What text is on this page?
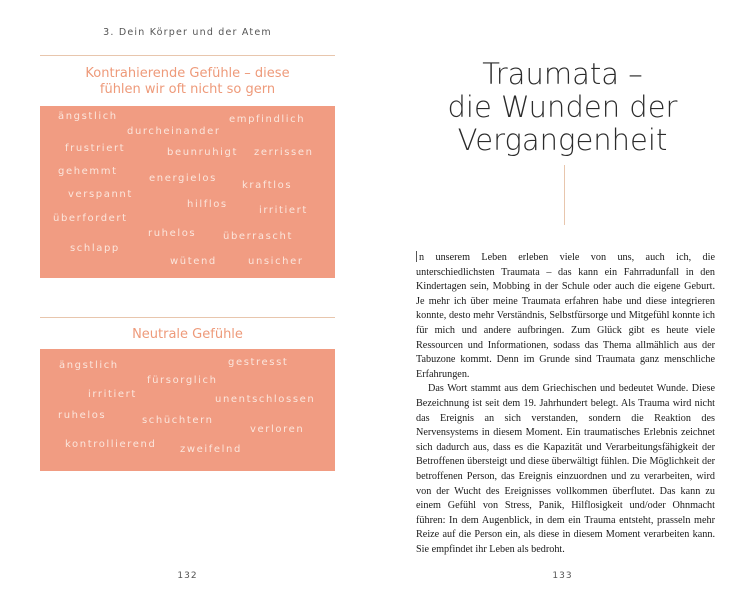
3. Dein Körper und der Atem
Kontrahierende Gefühle – diese
fühlen wir oft nicht so gern
ängstlich
durcheinander
empfindlich
frustriert	beunruhigt zerrissen
gehemmt
energielos
kraftlos
verspannt
hilflos
irritiert
überfordert
ruhelos	überrascht
schlapp
wütend	unsicher
Neutrale Gefühle
ängstlich	gestresst
fürsorglich
irritiert	unentschlossen
ruhelos	schüchtern
verloren
kontrollierend zweifelnd
132
Traumata –
die Wunden der
Vergangenheit

n unserem Leben erleben viele von uns, auch ich, die unterschiedlichsten Traumata – das kann ein Fahrradunfall in den Kindertagen sein, Mobbing in der Schule oder auch die eigene Geburt. Je mehr ich über meine Traumata erfahren habe und diese integrieren konnte, desto mehr Verständnis, Selbstfürsorge und Mitgefühl konnte ich für mich und andere aufbringen. Zum Glück gibt es heute viele Ressourcen und Informationen, sodass das Thema allmählich aus der Tabuzone kommt. Denn im Grunde sind Traumata ganz menschliche Erfahrungen.

Das Wort stammt aus dem Griechischen und bedeutet Wunde. Diese Bezeichnung ist seit dem 19. Jahrhundert belegt. Als Trauma wird nicht das Ereignis an sich verstanden, sondern die Reaktion des Nervensystems in diesem Moment. Ein traumatisches Erlebnis zeichnet sich dadurch aus, dass es die Kapazität und Verarbeitungsfähigkeit der Betroffenen übersteigt und diese überwältigt fühlen. Die Möglichkeit der betroffenen Person, das Ereignis einzuordnen und zu verarbeiten, wird von der Wucht des Ereignisses vollkommen überflutet. Das kann zu einem Gefühl von Stress, Panik, Hilflosigkeit und/oder Ohnmacht führen: In dem Augenblick, in dem ein Trauma entsteht, prasseln mehr Reize auf die Person ein, als diese in diesem Moment verarbeiten kann. Sie empfindet ihr Leben als bedroht.

133
